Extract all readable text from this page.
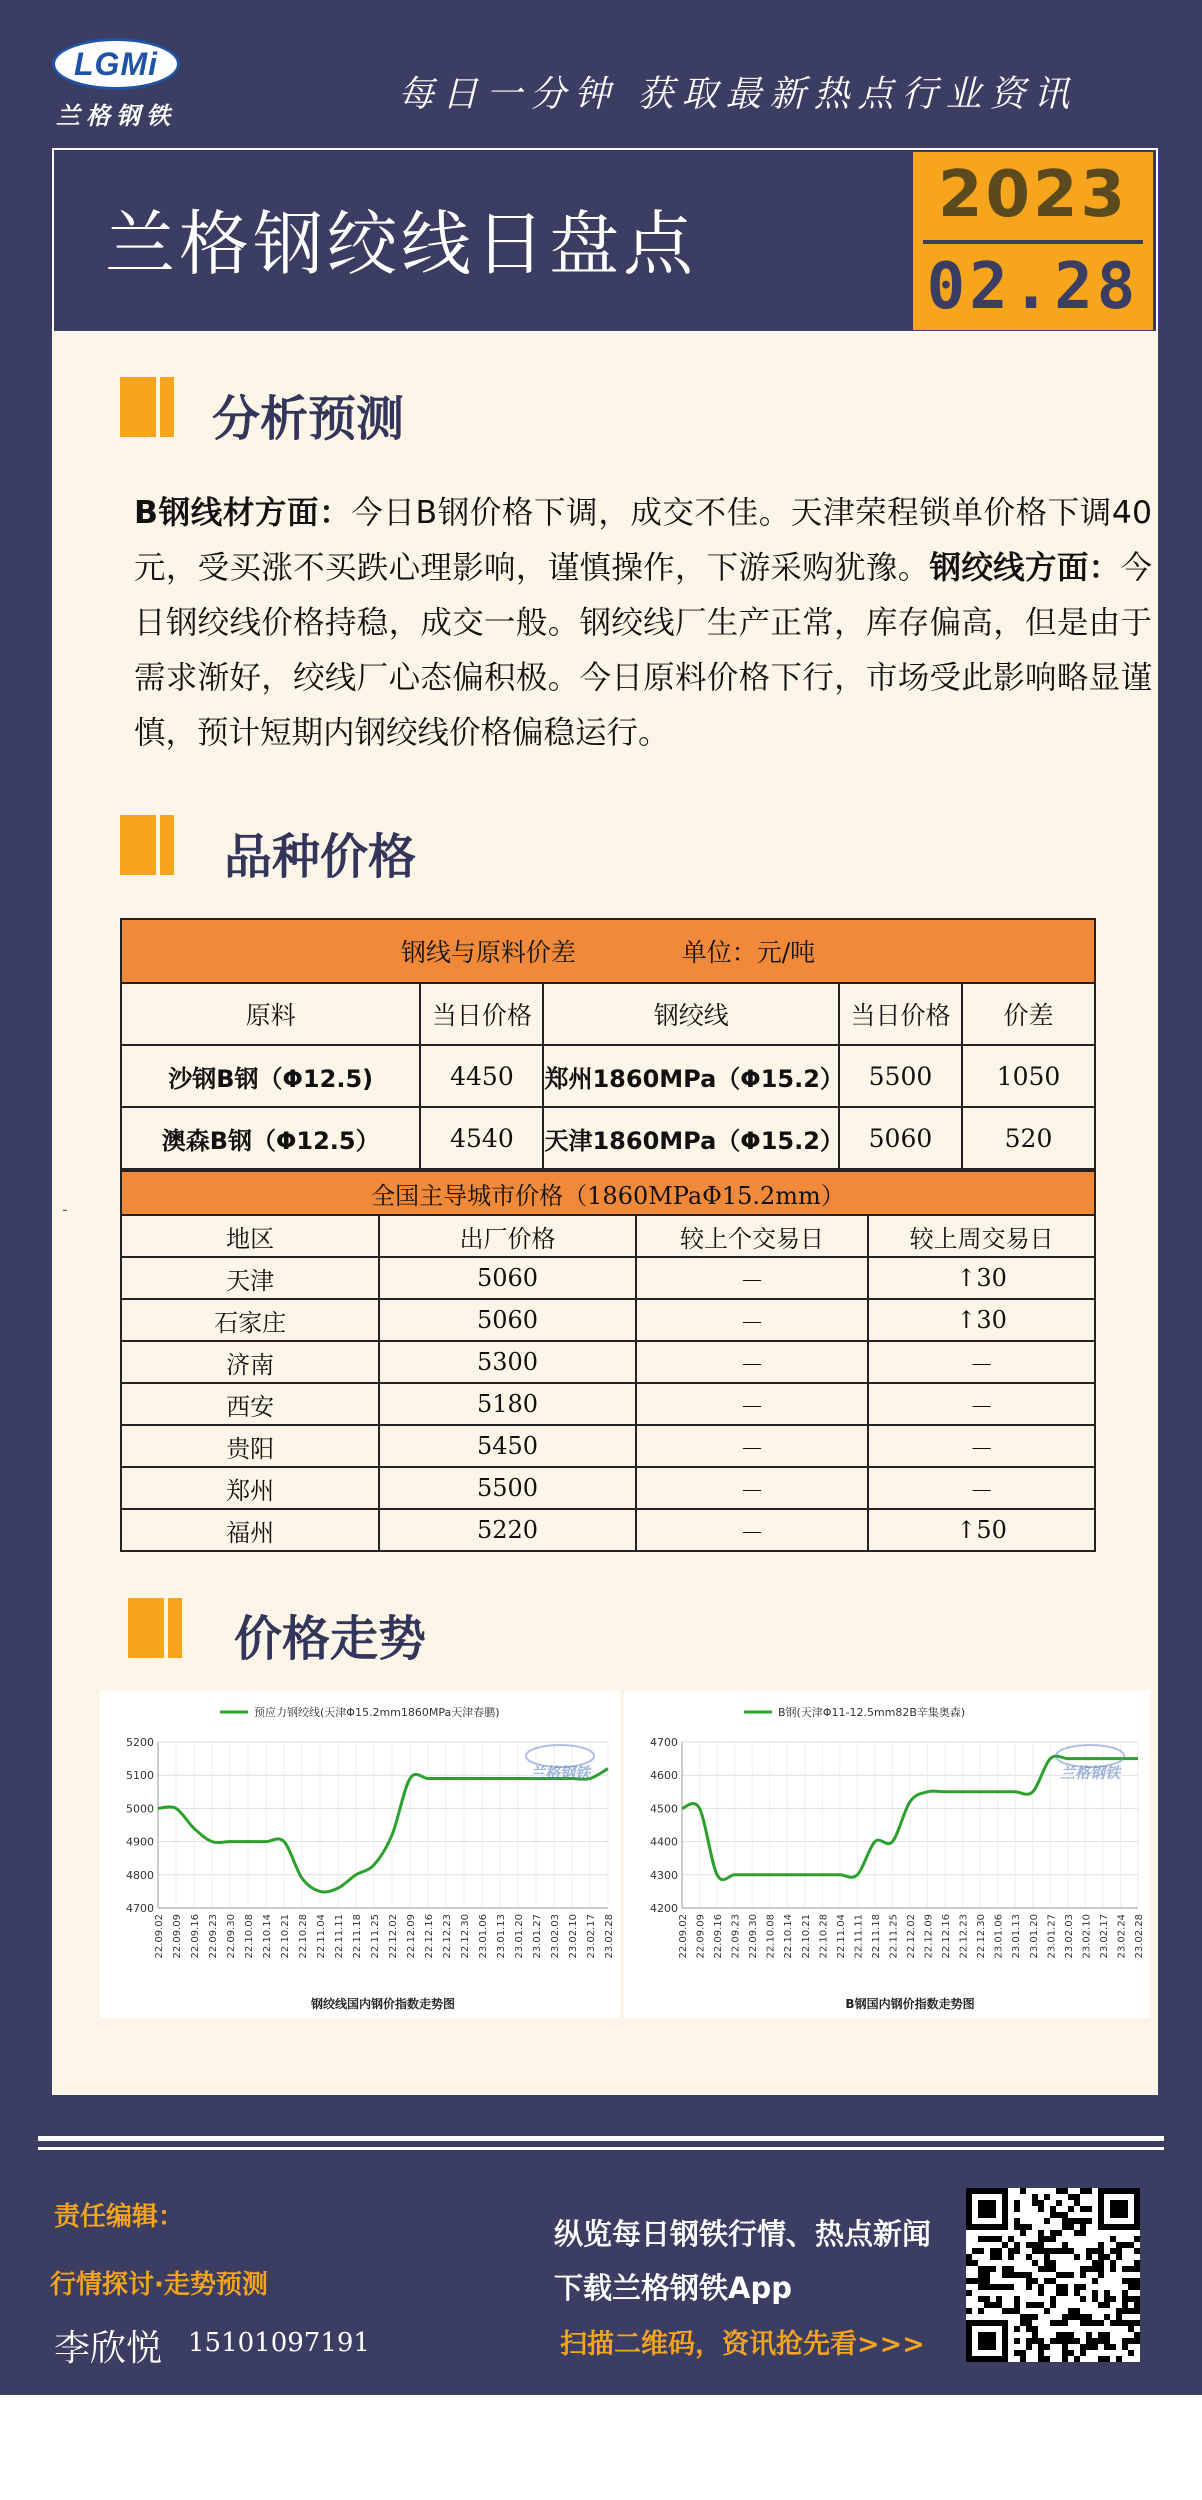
LGMi
兰格钢铁
每日一分钟 获取最新热点行业资讯
兰格钢绞线日盘点
2023
02.28
分析预测
B钢线材方面：今日B钢价格下调，成交不佳。天津荣程锁单价格下调40元，受买涨不买跌心理影响，谨慎操作，下游采购犹豫。钢绞线方面：今日钢绞线价格持稳，成交一般。钢绞线厂生产正常，库存偏高，但是由于需求渐好，绞线厂心态偏积极。今日原料价格下行，市场受此影响略显谨慎，预计短期内钢绞线价格偏稳运行。
品种价格
钢线与原料价差 单位：元/吨				
原料	当日价格	钢绞线	当日价格	价差
沙钢B钢（Φ12.5)	4450	郑州1860MPa（Φ15.2）	5500	1050
澳森B钢（Φ12.5）	4540	天津1860MPa（Φ15.2）	5060	520
-	全国主导城市价格（1860MPaΦ15.2mm）			
地区	出厂价格	较上个交易日	较上周交易日
天津	5060	－	↑30
石家庄	5060	－	↑30
济南	5300	－	－
西安	5180	－	－
贵阳	5450	－	－
郑州	5500	－	－
福州	5220	－	↑50
价格走势
预应力钢绞线(天津Φ15.2mm1860MPa天津春鹏)
4700
4800
4900
5000
5100
5200
22.09.02 22.09.09 22.09.16 22.09.23 22.09.30 22.10.08 22.10.14 22.10.21 22.10.28 22.11.04 22.11.11 22.11.18 22.11.25 22.12.02 22.12.09 22.12.16 22.12.23 22.12.30 23.01.06 23.01.13 23.01.20 23.01.27 23.02.03 23.02.10 23.02.17 23.02.28
兰格钢铁
钢绞线国内钢价指数走势图
B钢(天津Φ11-12.5mm82B辛集奥森)
4200
4300
4400
4500
4600
4700
22.09.02 22.09.09 22.09.16 22.09.23 22.09.30 22.10.08 22.10.14 22.10.21 22.10.28 22.11.04 22.11.11 22.11.18 22.11.25 22.12.02 22.12.09 22.12.16 22.12.23 22.12.30 23.01.06 23.01.13 23.01.20 23.01.27 23.02.03 23.02.10 23.02.17 23.02.24 23.02.28
兰格钢铁
B钢国内钢价指数走势图
责任编辑：
行情探讨·走势预测
李欣悦 15101097191
纵览每日钢铁行情、热点新闻
下载兰格钢铁App
扫描二维码，资讯抢先看>>>
